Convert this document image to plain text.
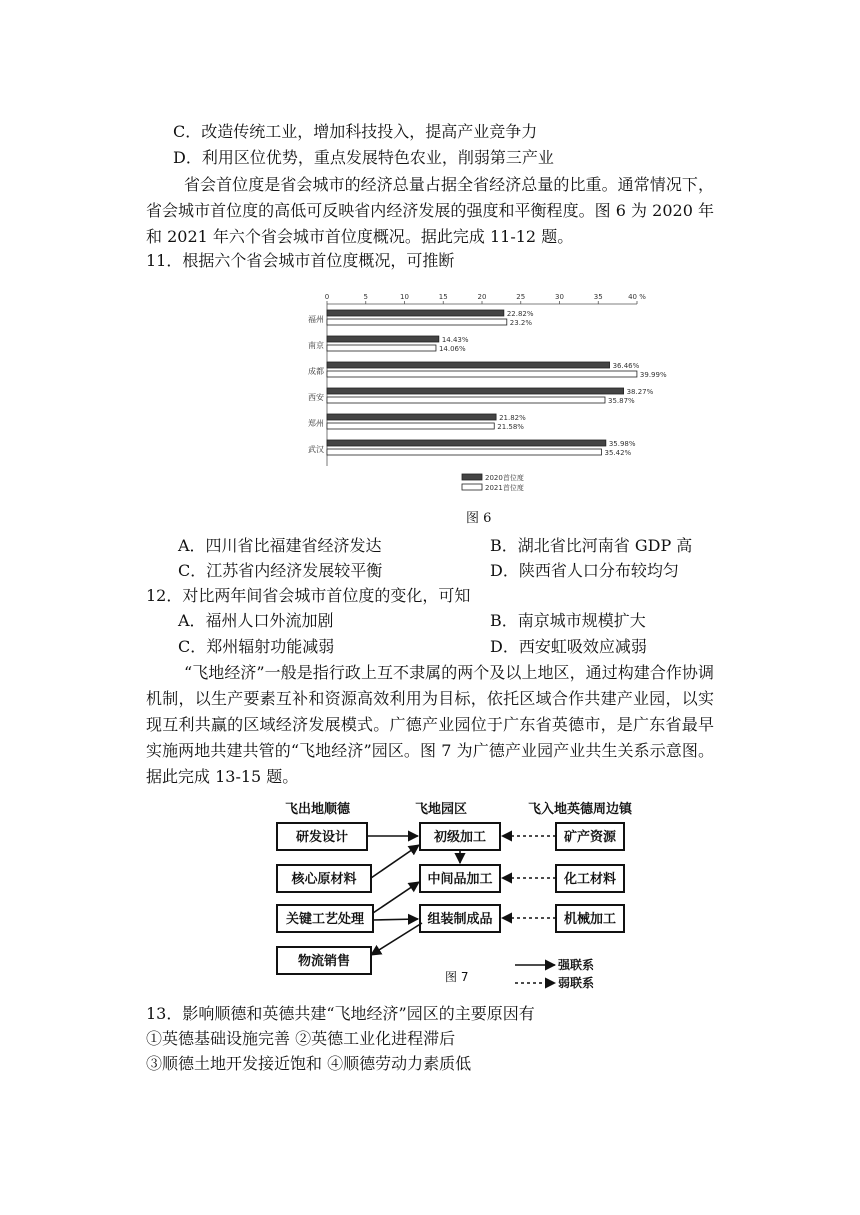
C．改造传统工业，增加科技投入，提高产业竞争力
D．利用区位优势，重点发展特色农业，削弱第三产业
省会首位度是省会城市的经济总量占据全省经济总量的比重。通常情况下，省会城市首位度的高低可反映省内经济发展的强度和平衡程度。图 6 为 2020 年和 2021 年六个省会城市首位度概况。据此完成 11-12 题。
11．根据六个省会城市首位度概况，可推断
0	5	10	15	20	25	30	35	40 %
福州
22.82%
23.2%
南京
14.43%
14.06%
成都
36.46%
39.99%
西安
38.27%
35.87%
郑州
21.82%
21.58%
武汉
35.98%
35.42%
2020首位度
2021首位度
图 6
A．四川省比福建省经济发达	B．湖北省比河南省 GDP 高
C．江苏省内经济发展较平衡	D．陕西省人口分布较均匀
12．对比两年间省会城市首位度的变化，可知
A．福州人口外流加剧	B．南京城市规模扩大
C．郑州辐射功能减弱	D．西安虹吸效应减弱
“飞地经济”一般是指行政上互不隶属的两个及以上地区，通过构建合作协调机制，以生产要素互补和资源高效利用为目标，依托区域合作共建产业园，以实现互利共赢的区域经济发展模式。广德产业园位于广东省英德市，是广东省最早实施两地共建共管的“飞地经济”园区。图 7 为广德产业园产业共生关系示意图。据此完成 13-15 题。
飞出地顺德	飞地园区	飞入地英德周边镇
研发设计
核心原材料
关键工艺处理
物流销售
初级加工
中间品加工
组装制成品
矿产资源
化工材料
机械加工
图 7
强联系
弱联系
13．影响顺德和英德共建“飞地经济”园区的主要原因有
①英德基础设施完善 ②英德工业化进程滞后
③顺德土地开发接近饱和 ④顺德劳动力素质低
